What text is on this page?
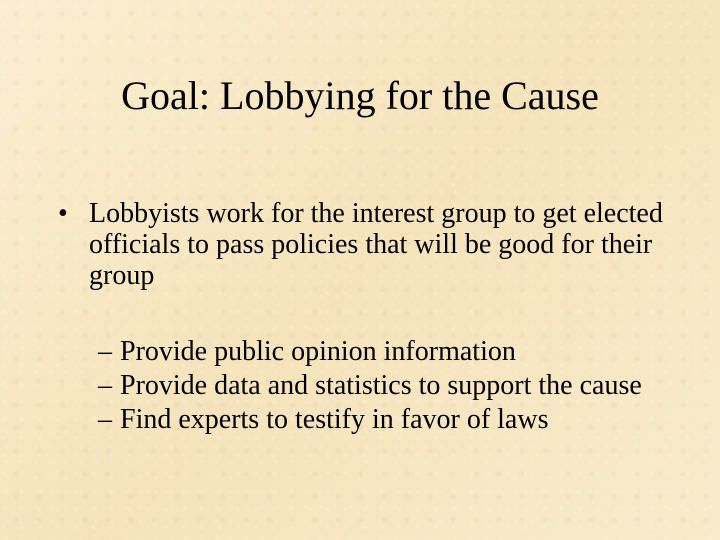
Goal: Lobbying for the Cause
• Lobbyists work for the interest group to get elected officials to pass policies that will be good for their group
– Provide public opinion information
– Provide data and statistics to support the cause
– Find experts to testify in favor of laws
